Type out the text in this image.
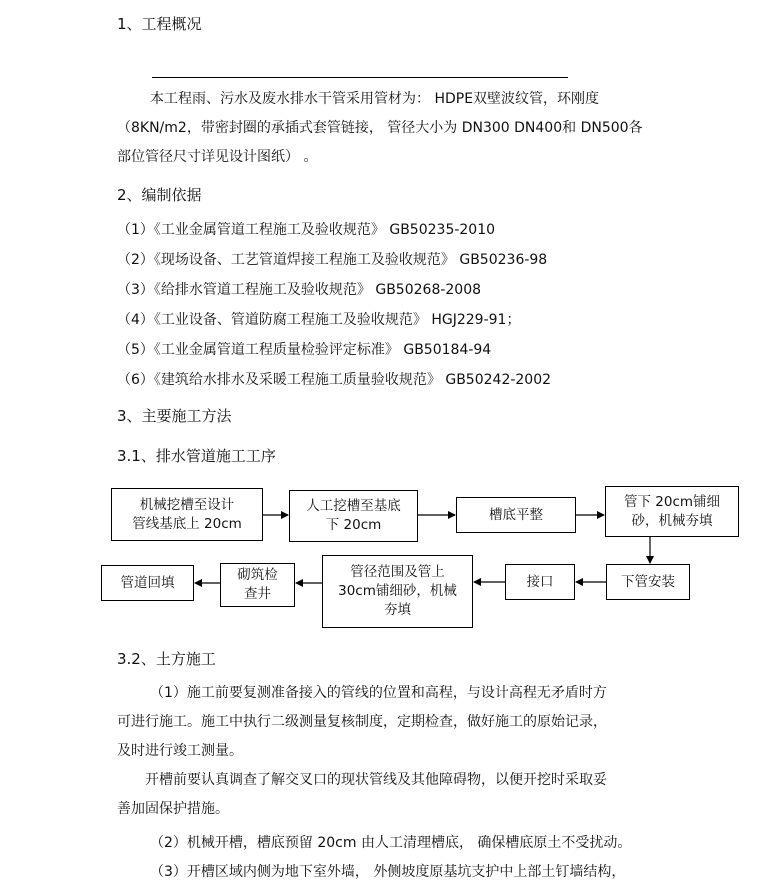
1、工程概况
本工程雨、污水及废水排水干管采用管材为： HDPE双壁波纹管，环刚度
（8KN/m2，带密封圈的承插式套管链接， 管径大小为 DN300 DN400和 DN500各
部位管径尺寸详见设计图纸） 。
2、编制依据
（1）《工业金属管道工程施工及验收规范》 GB50235-2010
（2）《现场设备、工艺管道焊接工程施工及验收规范》 GB50236-98
（3）《给排水管道工程施工及验收规范》 GB50268-2008
（4）《工业设备、管道防腐工程施工及验收规范》 HGJ229-91；
（5）《工业金属管道工程质量检验评定标准》 GB50184-94
（6）《建筑给水排水及采暖工程施工质量验收规范》 GB50242-2002
3、主要施工方法
3.1、排水管道施工工序
机械挖槽至设计
管线基底上 20cm
人工挖槽至基底
下 20cm
槽底平整
管下 20cm铺细
砂，机械夯填
下管安装
接口
管径范围及管上
30cm铺细砂，机械
夯填
砌筑检
查井
管道回填
3.2、土方施工
（1）施工前要复测准备接入的管线的位置和高程，与设计高程无矛盾时方
可进行施工。施工中执行二级测量复核制度，定期检查，做好施工的原始记录，
及时进行竣工测量。
开槽前要认真调查了解交叉口的现状管线及其他障碍物，以便开挖时采取妥
善加固保护措施。
（2）机械开槽，槽底预留 20cm 由人工清理槽底， 确保槽底原土不受扰动。
（3）开槽区域内侧为地下室外墙， 外侧坡度原基坑支护中上部土钉墙结构，
